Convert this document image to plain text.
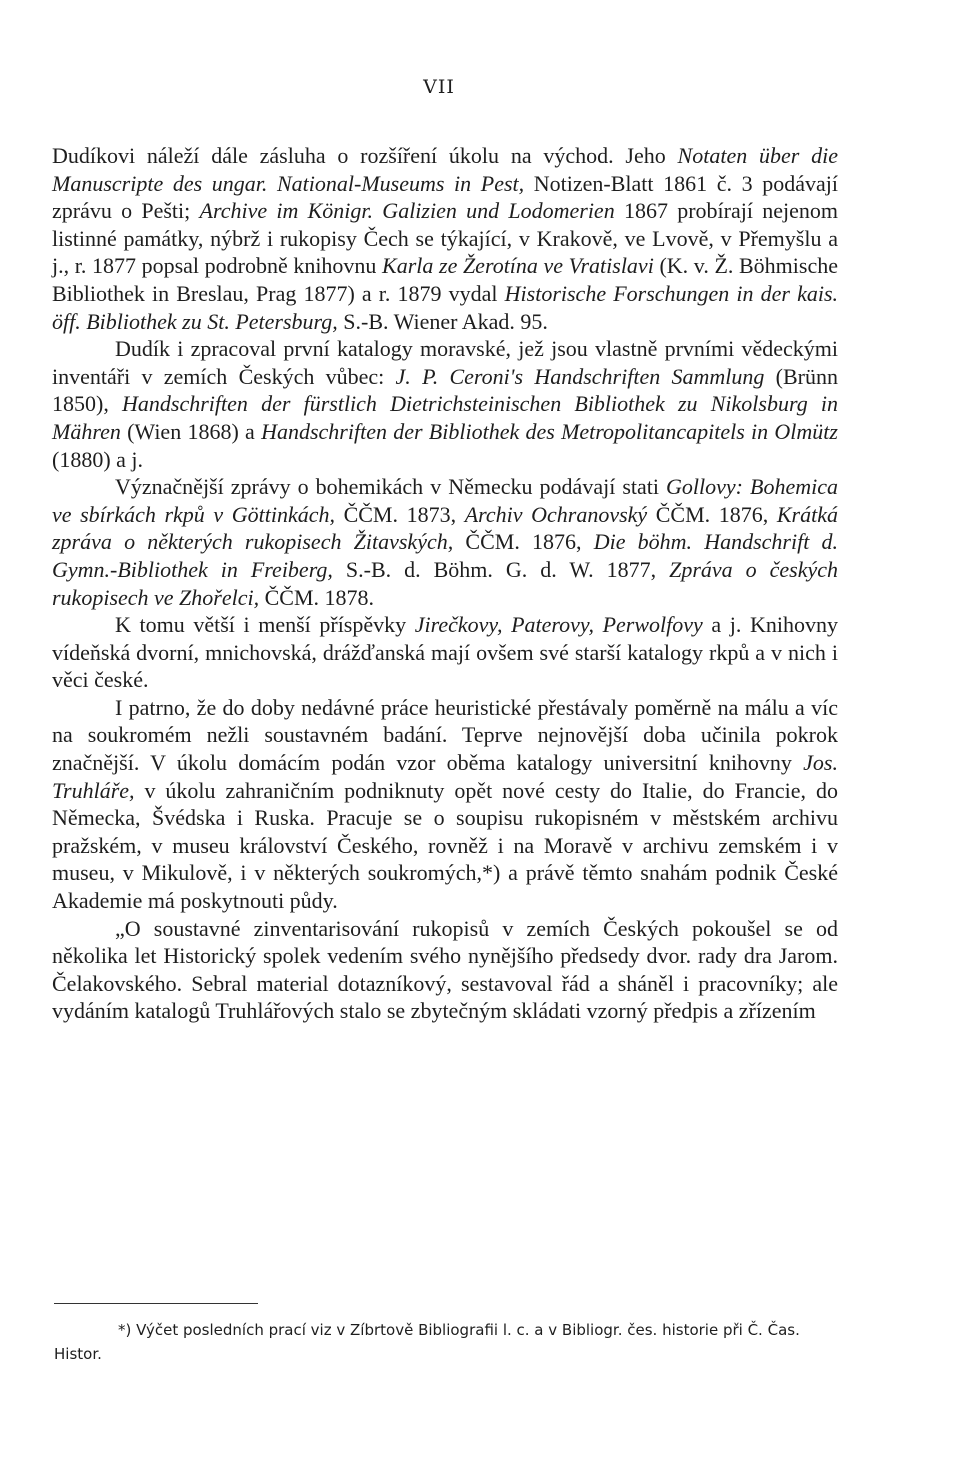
VII

Dudíkovi náleží dále zásluha o rozšíření úkolu na východ. Jeho Notaten über die Manuscripte des ungar. National-Museums in Pest, Notizen-Blatt 1861 č. 3 podávají zprávu o Pešti; Archive im Königr. Galizien und Lodomerien 1867 probírají nejenom listinné památky, nýbrž i rukopisy Čech se týkající, v Krakově, ve Lvově, v Přemyšlu a j., r. 1877 popsal podrobně knihovnu Karla ze Žerotína ve Vratislavi (K. v. Ž. Böhmische Bibliothek in Breslau, Prag 1877) a r. 1879 vydal Historische Forschungen in der kais. öff. Bibliothek zu St. Petersburg, S.-B. Wiener Akad. 95.

Dudík i zpracoval první katalogy moravské, jež jsou vlastně prvními vědeckými inventáři v zemích Českých vůbec: J. P. Ceroni's Handschriften Sammlung (Brünn 1850), Handschriften der fürstlich Dietrichsteinischen Bibliothek zu Nikolsburg in Mähren (Wien 1868) a Handschriften der Bibliothek des Metropolitancapitels in Olmütz (1880) a j.

Význačnější zprávy o bohemikách v Německu podávají stati Gollovy: Bohemica ve sbírkách rkpů v Göttinkách, ČČM. 1873, Archiv Ochranovský ČČM. 1876, Krátká zpráva o některých rukopisech Žitavských, ČČM. 1876, Die böhm. Handschrift d. Gymn.-Bibliothek in Freiberg, S.-B. d. Böhm. G. d. W. 1877, Zpráva o českých rukopisech ve Zhořelci, ČČM. 1878.

K tomu větší i menší příspěvky Jirečkovy, Paterovy, Perwolfovy a j. Knihovny vídeňská dvorní, mnichovská, drážďanská mají ovšem své starší katalogy rkpů a v nich i věci české.

I patrno, že do doby nedávné práce heuristické přestávaly poměrně na málu a víc na soukromém nežli soustavném badání. Teprve nejnovější doba učinila pokrok značnější. V úkolu domácím podán vzor oběma katalogy universitní knihovny Jos. Truhláře, v úkolu zahraničním podniknuty opět nové cesty do Italie, do Francie, do Německa, Švédska i Ruska. Pracuje se o soupisu rukopisném v městském archivu pražském, v museu království Českého, rovněž i na Moravě v archivu zemském i v museu, v Mikulově, i v některých soukromých,*) a právě těmto snahám podnik České Akademie má poskytnouti půdy.

„O soustavné zinventarisování rukopisů v zemích Českých pokoušel se od několika let Historický spolek vedením svého nynějšího předsedy dvor. rady dra Jarom. Čelakovského. Sebral material dotazníkový, sestavoval řád a sháněl i pracovníky; ale vydáním katalogů Truhlářových stalo se zbytečným skládati vzorný předpis a zřízením

*) Výčet posledních prací viz v Zíbrtově Bibliografii l. c. a v Bibliogr. čes. historie při Č. Čas. Histor.
